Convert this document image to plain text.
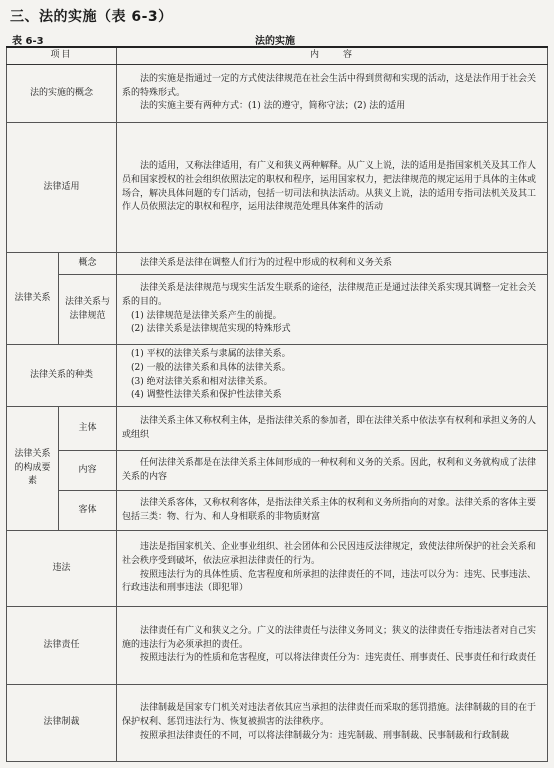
三、法的实施（表 6-3）
表 6-3	法的实施
项目		内　　容
法的实施的概念		法的实施是指通过一定的方式使法律规范在社会生活中得到贯彻和实现的活动，这是法作用于社会关系的特殊形式。

法的实施主要有两种方式：(1) 法的遵守，简称守法；(2) 法的适用

法律适用		法的适用，又称法律适用，有广义和狭义两种解释。从广义上说，法的适用是指国家机关及其工作人员和国家授权的社会组织依照法定的职权和程序，运用国家权力，把法律规范的规定运用于具体的主体或场合，解决具体问题的专门活动，包括一切司法和执法活动。从狭义上说，法的适用专指司法机关及其工作人员依照法定的职权和程序，运用法律规范处理具体案件的活动

法律关系	概念	法律关系是法律在调整人们行为的过程中形成的权利和义务关系

	法律关系与法律规范	法律关系是法律规范与现实生活发生联系的途径，法律规范正是通过法律关系实现其调整一定社会关系的目的。

(1) 法律规范是法律关系产生的前提。

(2) 法律关系是法律规范实现的特殊形式

法律关系的种类		(1) 平权的法律关系与隶属的法律关系。

(2) 一般的法律关系和具体的法律关系。

(3) 绝对法律关系和相对法律关系。

(4) 调整性法律关系和保护性法律关系

法律关系的构成要素	主体	法律关系主体又称权利主体，是指法律关系的参加者，即在法律关系中依法享有权利和承担义务的人或组织

	内容	任何法律关系都是在法律关系主体间形成的一种权利和义务的关系。因此，权利和义务就构成了法律关系的内容

	客体	法律关系客体，又称权利客体，是指法律关系主体的权利和义务所指向的对象。法律关系的客体主要包括三类：物、行为、和人身相联系的非物质财富

违法		违法是指国家机关、企业事业组织、社会团体和公民因违反法律规定，致使法律所保护的社会关系和社会秩序受到破坏，依法应承担法律责任的行为。

按照违法行为的具体性质、危害程度和所承担的法律责任的不同，违法可以分为：违宪、民事违法、行政违法和刑事违法（即犯罪）

法律责任		法律责任有广义和狭义之分。广义的法律责任与法律义务同义；狭义的法律责任专指违法者对自己实施的违法行为必须承担的责任。

按照违法行为的性质和危害程度，可以将法律责任分为：违宪责任、刑事责任、民事责任和行政责任

法律制裁		法律制裁是国家专门机关对违法者依其应当承担的法律责任而采取的惩罚措施。法律制裁的目的在于保护权利、惩罚违法行为、恢复被损害的法律秩序。

按照承担法律责任的不同，可以将法律制裁分为：违宪制裁、刑事制裁、民事制裁和行政制裁
